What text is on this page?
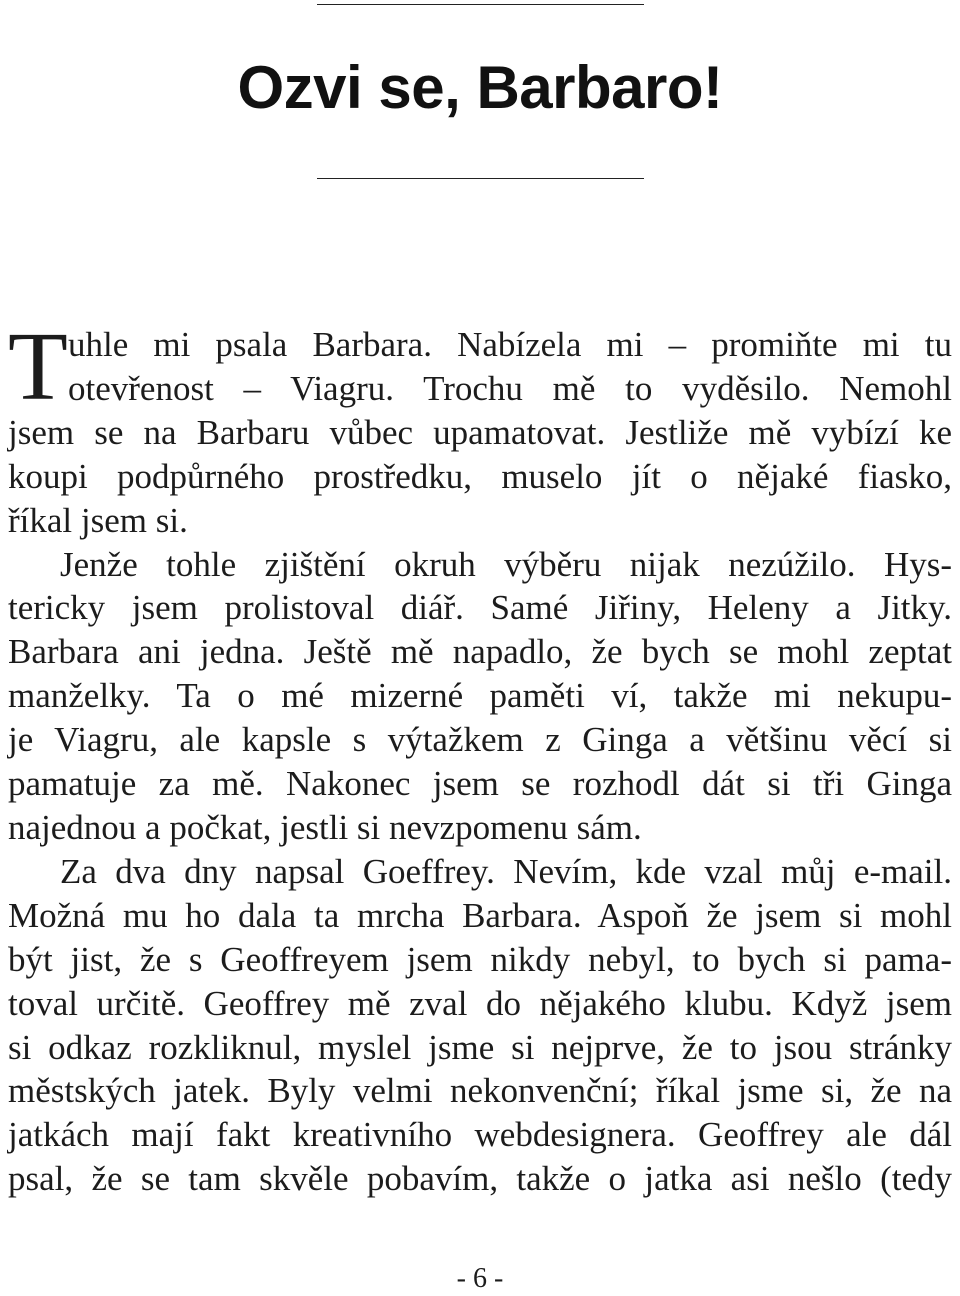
Ozvi se, Barbaro!
T uhle mi psala Barbara. Nabízela mi – promiňte mi tu
otevřenost – Viagru. Trochu mě to vyděsilo. Nemohl
jsem se na Barbaru vůbec upamatovat. Jestliže mě vybízí ke
koupi podpůrného prostředku, muselo jít o nějaké fiasko,
říkal jsem si.
Jenže tohle zjištění okruh výběru nijak nezúžilo. Hys-
tericky jsem prolistoval diář. Samé Jiřiny, Heleny a Jitky.
Barbara ani jedna. Ještě mě napadlo, že bych se mohl zeptat
manželky. Ta o mé mizerné paměti ví, takže mi nekupu-
je Viagru, ale kapsle s výtažkem z Ginga a většinu věcí si
pamatuje za mě. Nakonec jsem se rozhodl dát si tři Ginga
najednou a počkat, jestli si nevzpomenu sám.
Za dva dny napsal Goeffrey. Nevím, kde vzal můj e-mail.
Možná mu ho dala ta mrcha Barbara. Aspoň že jsem si mohl
být jist, že s Geoffreyem jsem nikdy nebyl, to bych si pama-
toval určitě. Geoffrey mě zval do nějakého klubu. Když jsem
si odkaz rozkliknul, myslel jsme si nejprve, že to jsou stránky
městských jatek. Byly velmi nekonvenční; říkal jsme si, že na
jatkách mají fakt kreativního webdesignera. Geoffrey ale dál
psal, že se tam skvěle pobavím, takže o jatka asi nešlo (tedy
- 6 -
